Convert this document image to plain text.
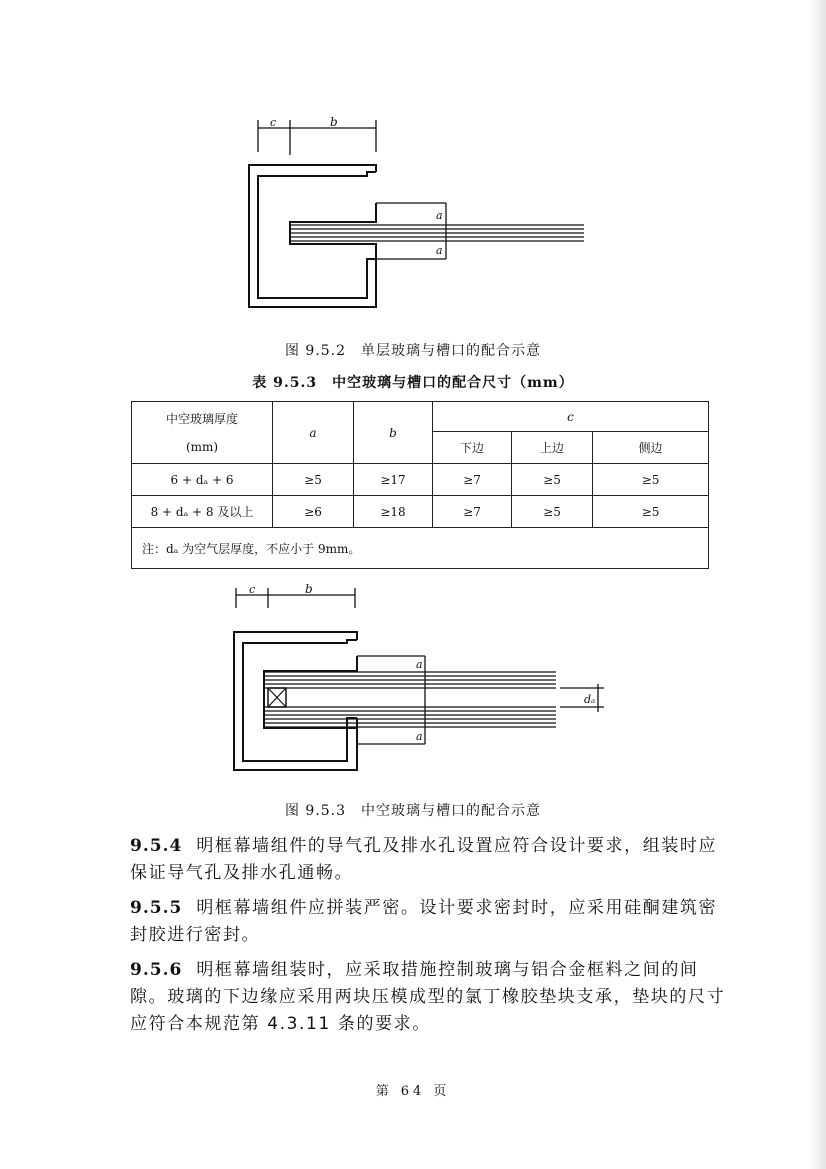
c	b
a
a
图 9.5.2　单层玻璃与槽口的配合示意
表 9.5.3　中空玻璃与槽口的配合尺寸（mm）
中空玻璃厚度
(mm)	a	b	c		
			下边	上边	侧边
6 + dₐ + 6	≥5	≥17	≥7	≥5	≥5
8 + dₐ + 8 及以上	≥6	≥18	≥7	≥5	≥5
注：dₐ 为空气层厚度，不应小于 9mm。					
c	b
a
a
dₐ
图 9.5.3　中空玻璃与槽口的配合示意

9.5.4 明框幕墙组件的导气孔及排水孔设置应符合设计要求，组装时应保证导气孔及排水孔通畅。

9.5.5 明框幕墙组件应拼装严密。设计要求密封时，应采用硅酮建筑密封胶进行密封。

9.5.6 明框幕墙组装时，应采取措施控制玻璃与铝合金框料之间的间隙。玻璃的下边缘应采用两块压模成型的氯丁橡胶垫块支承，垫块的尺寸应符合本规范第 4.3.11 条的要求。

第 64 页
